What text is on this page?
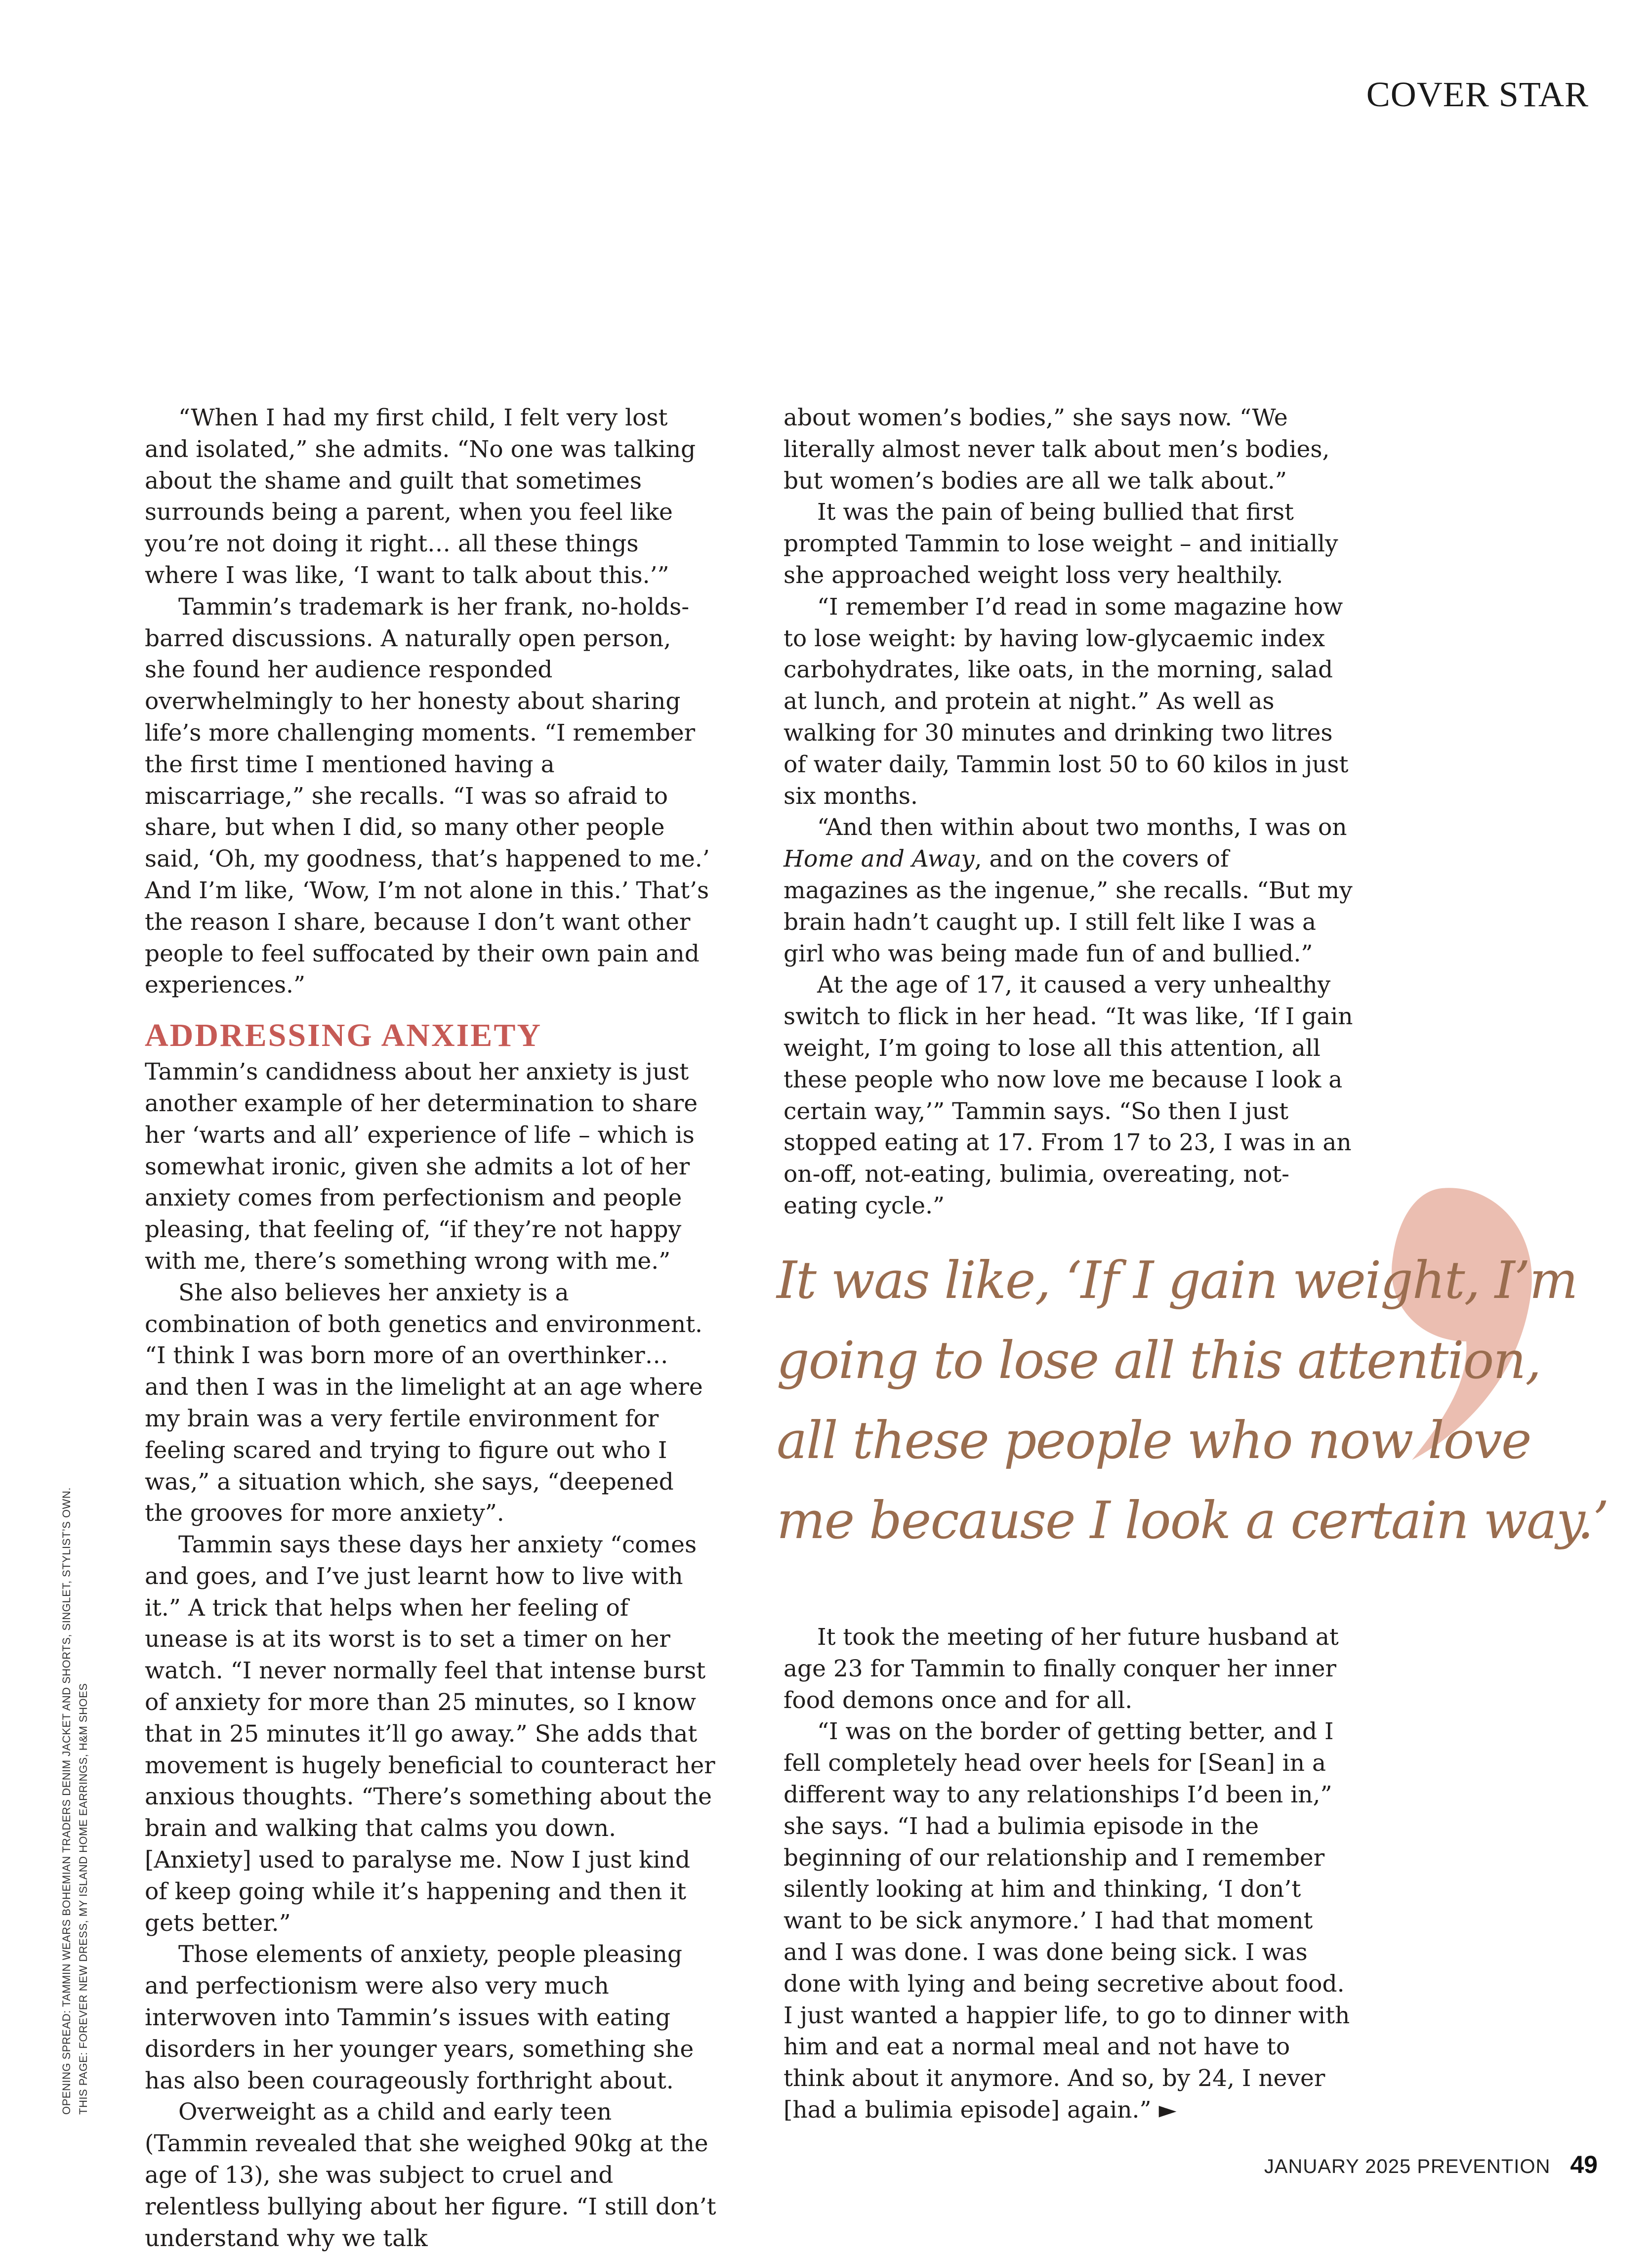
COVER STAR

“When I had my first child, I felt very lost and isolated,” she admits. “No one was talking about the shame and guilt that sometimes surrounds being a parent, when you feel like you’re not doing it right… all these things where I was like, ‘I want to talk about this.’”

Tammin’s trademark is her frank, no-holds-barred discussions. A naturally open person, she found her audience responded overwhelmingly to her honesty about sharing life’s more challenging moments. “I remember the first time I mentioned having a miscarriage,” she recalls. “I was so afraid to share, but when I did, so many other people said, ‘Oh, my goodness, that’s happened to me.’ And I’m like, ‘Wow, I’m not alone in this.’ That’s the reason I share, because I don’t want other people to feel suffocated by their own pain and experiences.”

ADDRESSING ANXIETY

Tammin’s candidness about her anxiety is just another example of her determination to share her ‘warts and all’ experience of life – which is somewhat ironic, given she admits a lot of her anxiety comes from perfectionism and people pleasing, that feeling of, “if they’re not happy with me, there’s something wrong with me.”

She also believes her anxiety is a combination of both genetics and environment. “I think I was born more of an overthinker… and then I was in the limelight at an age where my brain was a very fertile environment for feeling scared and trying to figure out who I was,” a situation which, she says, “deepened the grooves for more anxiety”.

Tammin says these days her anxiety “comes and goes, and I’ve just learnt how to live with it.” A trick that helps when her feeling of unease is at its worst is to set a timer on her watch. “I never normally feel that intense burst of anxiety for more than 25 minutes, so I know that in 25 minutes it’ll go away.” She adds that movement is hugely beneficial to counteract her anxious thoughts. “There’s something about the brain and walking that calms you down. [Anxiety] used to paralyse me. Now I just kind of keep going while it’s happening and then it gets better.”

Those elements of anxiety, people pleasing and perfectionism were also very much interwoven into Tammin’s issues with eating disorders in her younger years, something she has also been courageously forthright about.

Overweight as a child and early teen (Tammin revealed that she weighed 90kg at the age of 13), she was subject to cruel and relentless bullying about her figure. “I still don’t understand why we talk

about women’s bodies,” she says now. “We literally almost never talk about men’s bodies, but women’s bodies are all we talk about.”

It was the pain of being bullied that first prompted Tammin to lose weight – and initially she approached weight loss very healthily.

“I remember I’d read in some magazine how to lose weight: by having low-glycaemic index carbohydrates, like oats, in the morning, salad at lunch, and protein at night.” As well as walking for 30 minutes and drinking two litres of water daily, Tammin lost 50 to 60 kilos in just six months.

“And then within about two months, I was on Home and Away, and on the covers of magazines as the ingenue,” she recalls. “But my brain hadn’t caught up. I still felt like I was a girl who was being made fun of and bullied.”

At the age of 17, it caused a very unhealthy switch to flick in her head. “It was like, ‘If I gain weight, I’m going to lose all this attention, all these people who now love me because I look a certain way,’” Tammin says. “So then I just stopped eating at 17. From 17 to 23, I was in an on-off, not-eating, bulimia, overeating, not-eating cycle.”

It was like, ‘If I gain weight, I’m
going to lose all this attention,
all these people who now love
me because I look a certain way.’

It took the meeting of her future husband at age 23 for Tammin to finally conquer her inner food demons once and for all.

“I was on the border of getting better, and I fell completely head over heels for [Sean] in a different way to any relationships I’d been in,” she says. “I had a bulimia episode in the beginning of our relationship and I remember silently looking at him and thinking, ‘I don’t want to be sick anymore.’ I had that moment and I was done. I was done being sick. I was done with lying and being secretive about food. I just wanted a happier life, to go to dinner with him and eat a normal meal and not have to think about it anymore. And so, by 24, I never [had a bulimia episode] again.” ►

OPENING SPREAD: TAMMIN WEARS BOHEMIAN TRADERS DENIM JACKET AND SHORTS, SINGLET, STYLIST’S OWN. THIS PAGE: FOREVER NEW DRESS, MY ISLAND HOME EARRINGS, H&M SHOES
JANUARY 2025 PREVENTION 49
